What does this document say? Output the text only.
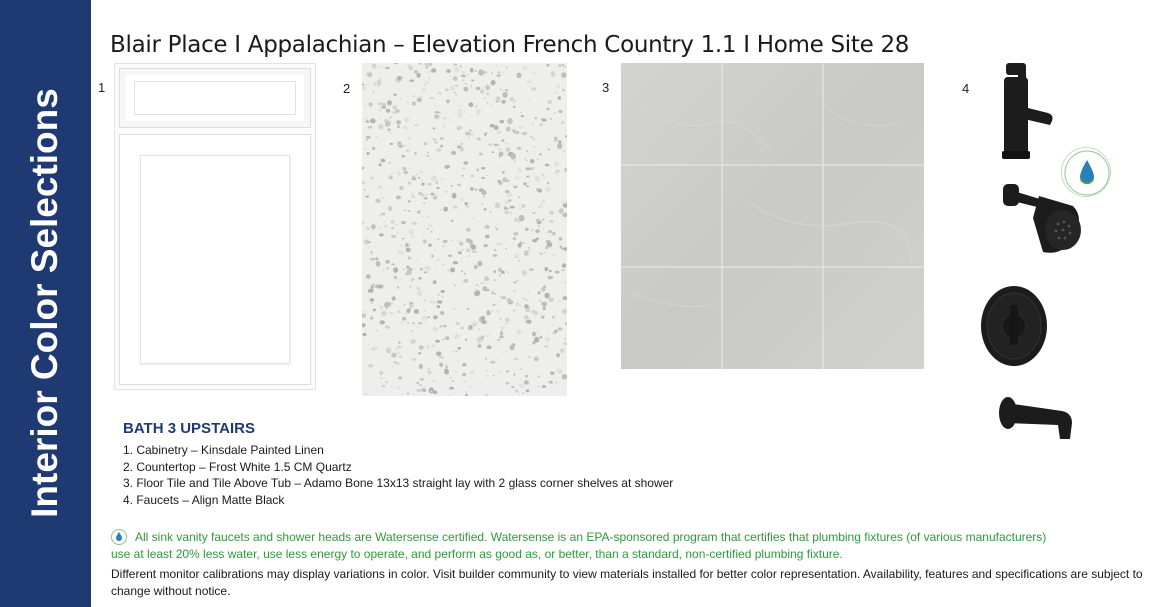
Interior Color Selections
Blair Place I Appalachian – Elevation French Country 1.1 I Home Site 28
1	2	3	4
BATH 3 UPSTAIRS
1. Cabinetry – Kinsdale Painted Linen
2. Countertop – Frost White 1.5 CM Quartz
3. Floor Tile and Tile Above Tub – Adamo Bone 13x13 straight lay with 2 glass corner shelves at shower
4. Faucets – Align Matte Black
All sink vanity faucets and shower heads are Watersense certified. Watersense is an EPA-sponsored program that certifies that plumbing fixtures (of various manufacturers)
use at least 20% less water, use less energy to operate, and perform as good as, or better, than a standard, non-certified plumbing fixture.
Different monitor calibrations may display variations in color. Visit builder community to view materials installed for better color representation. Availability, features and specifications are subject to change without notice.
